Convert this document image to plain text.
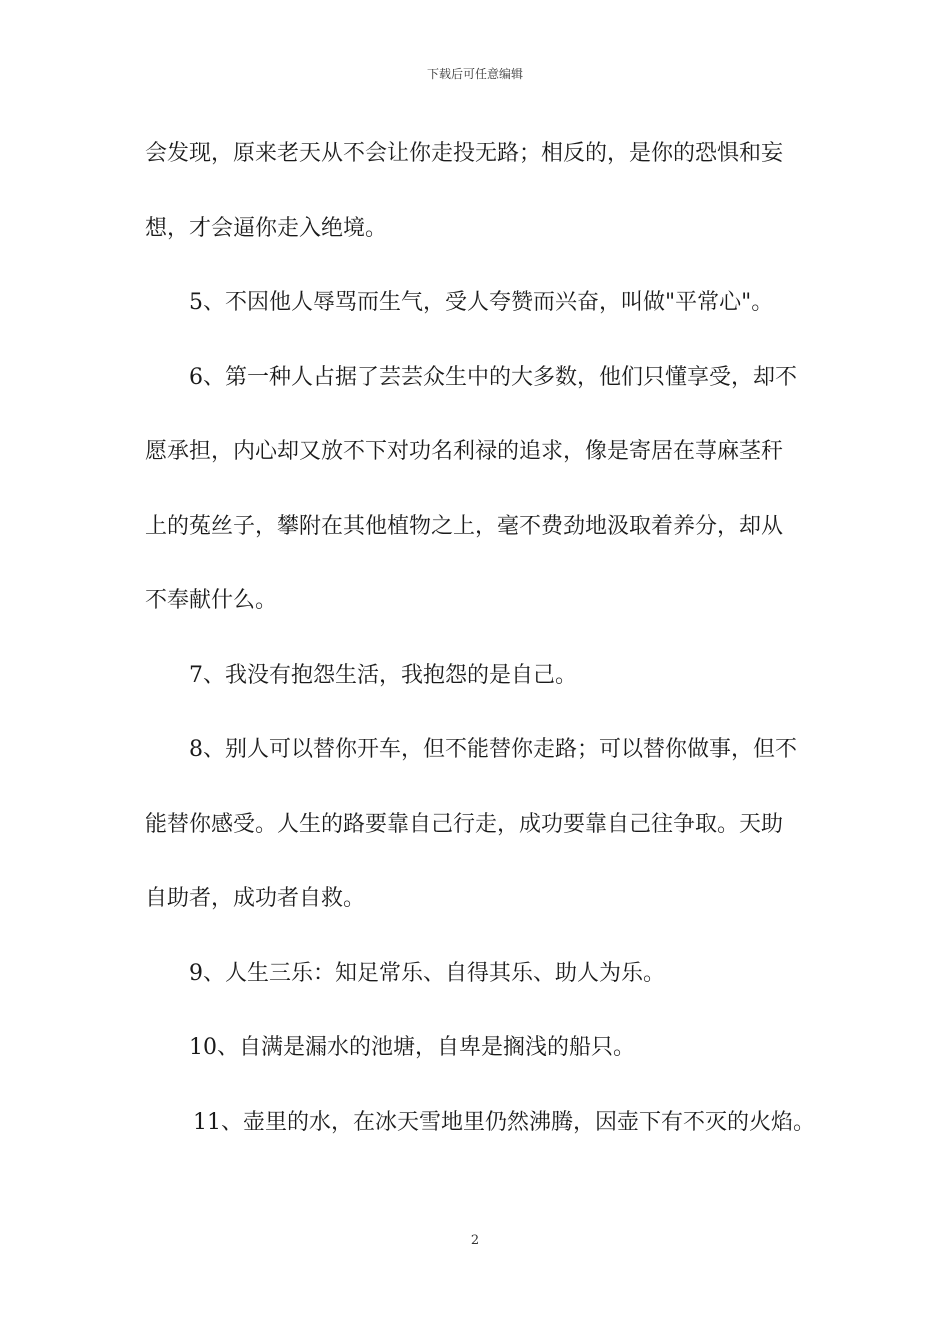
下载后可任意编辑
会发现，原来老天从不会让你走投无路；相反的，是你的恐惧和妄
想，才会逼你走入绝境。
5、不因他人辱骂而生气，受人夸赞而兴奋，叫做"平常心"。
6、第一种人占据了芸芸众生中的大多数，他们只懂享受，却不
愿承担，内心却又放不下对功名利禄的追求，像是寄居在荨麻茎秆
上的菟丝子，攀附在其他植物之上，毫不费劲地汲取着养分，却从
不奉献什么。
7、我没有抱怨生活，我抱怨的是自己。
8、别人可以替你开车，但不能替你走路；可以替你做事，但不
能替你感受。人生的路要靠自己行走，成功要靠自己往争取。天助
自助者，成功者自救。
9、人生三乐：知足常乐、自得其乐、助人为乐。
10、自满是漏水的池塘，自卑是搁浅的船只。
11、壶里的水，在冰天雪地里仍然沸腾，因壶下有不灭的火焰。
2
